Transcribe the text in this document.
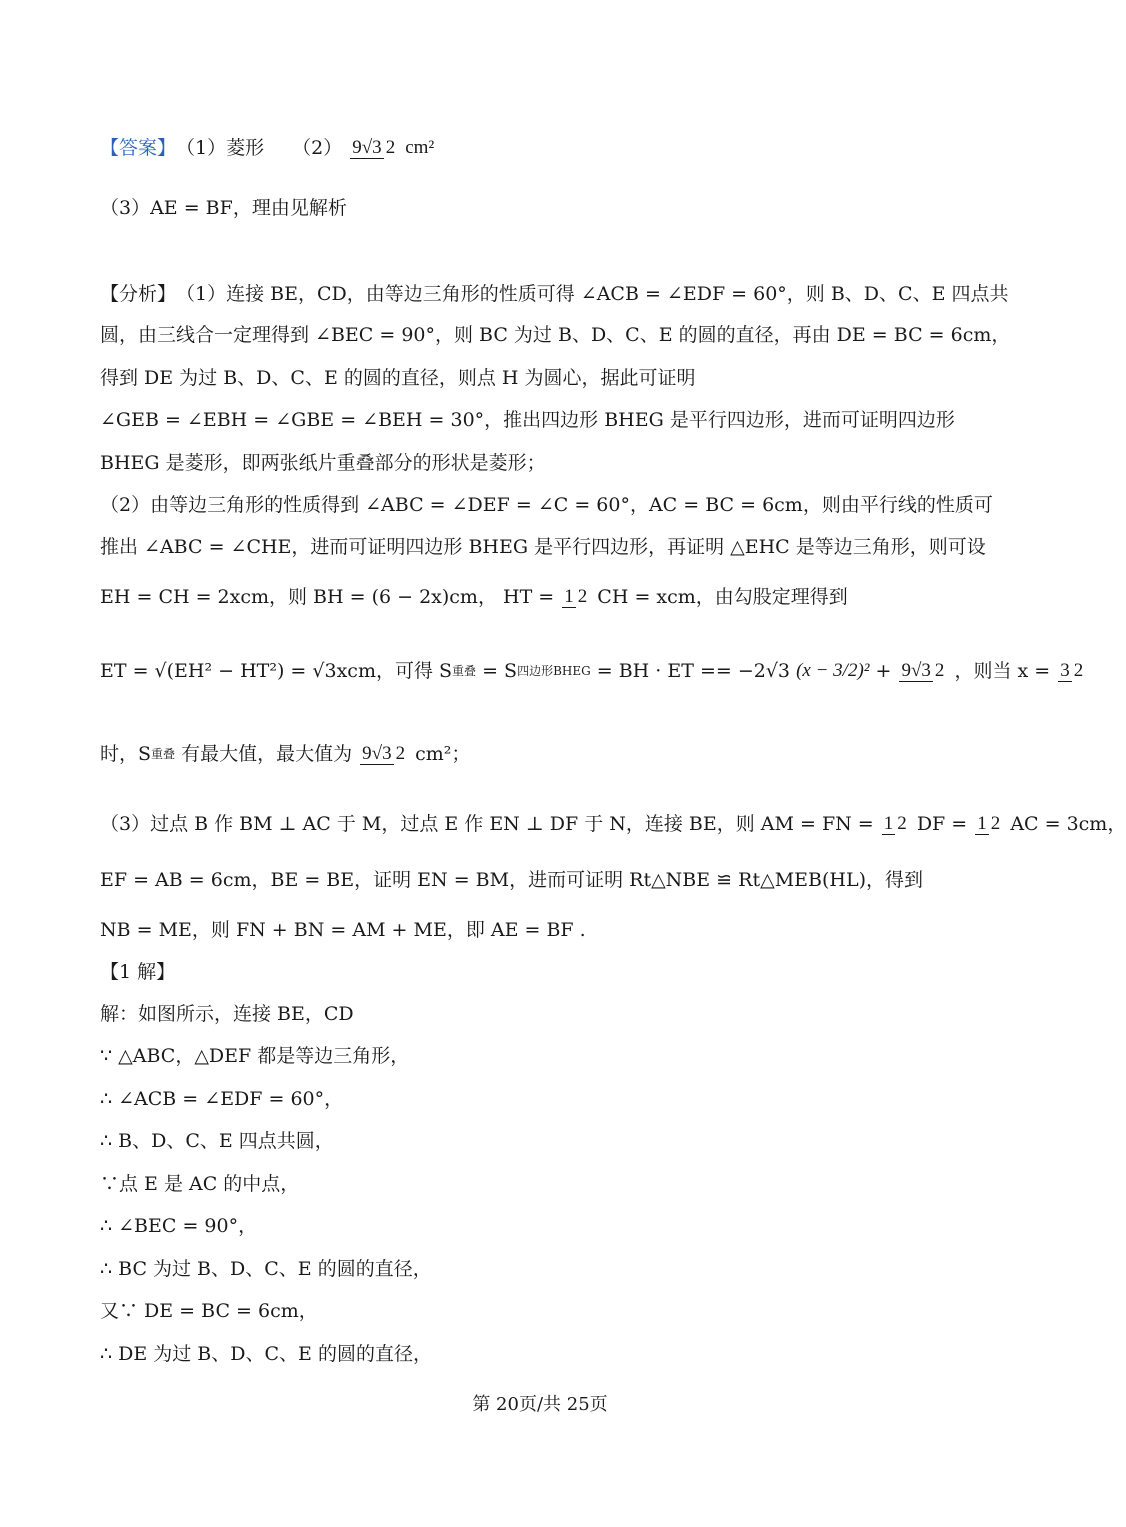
【答案】（1）菱形 （2） 9√3 2 cm²
（3）AE = BF，理由见解析
【分析】（1）连接 BE，CD，由等边三角形的性质可得 ∠ACB = ∠EDF = 60°，则 B、D、C、E 四点共
圆，由三线合一定理得到 ∠BEC = 90°，则 BC 为过 B、D、C、E 的圆的直径，再由 DE = BC = 6cm，
得到 DE 为过 B、D、C、E 的圆的直径，则点 H 为圆心，据此可证明
∠GEB = ∠EBH = ∠GBE = ∠BEH = 30°，推出四边形 BHEG 是平行四边形，进而可证明四边形
BHEG 是菱形，即两张纸片重叠部分的形状是菱形；
（2）由等边三角形的性质得到 ∠ABC = ∠DEF = ∠C = 60°，AC = BC = 6cm，则由平行线的性质可
推出 ∠ABC = ∠CHE，进而可证明四边形 BHEG 是平行四边形，再证明 △EHC 是等边三角形，则可设
EH = CH = 2xcm，则 BH = (6 − 2x)cm， HT = 1 2 CH = xcm，由勾股定理得到
ET = √(EH² − HT²) = √3xcm，可得 S重叠 = S四边形BHEG = BH · ET == −2√3 (x − 3/2)² + 9√3 2 ，则当 x = 3 2
时，S重叠 有最大值，最大值为 9√3 2 cm²；
（3）过点 B 作 BM ⊥ AC 于 M，过点 E 作 EN ⊥ DF 于 N，连接 BE，则 AM = FN = 1 2 DF = 1 2 AC = 3cm，
EF = AB = 6cm，BE = BE，证明 EN = BM，进而可证明 Rt△NBE ≌ Rt△MEB(HL)，得到
NB = ME，则 FN + BN = AM + ME，即 AE = BF .
【1 解】
解：如图所示，连接 BE，CD
∵ △ABC，△DEF 都是等边三角形，
∴ ∠ACB = ∠EDF = 60°，
∴ B、D、C、E 四点共圆，
∵点 E 是 AC 的中点，
∴ ∠BEC = 90°，
∴ BC 为过 B、D、C、E 的圆的直径，
又∵ DE = BC = 6cm，
∴ DE 为过 B、D、C、E 的圆的直径，
第 20页/共 25页
